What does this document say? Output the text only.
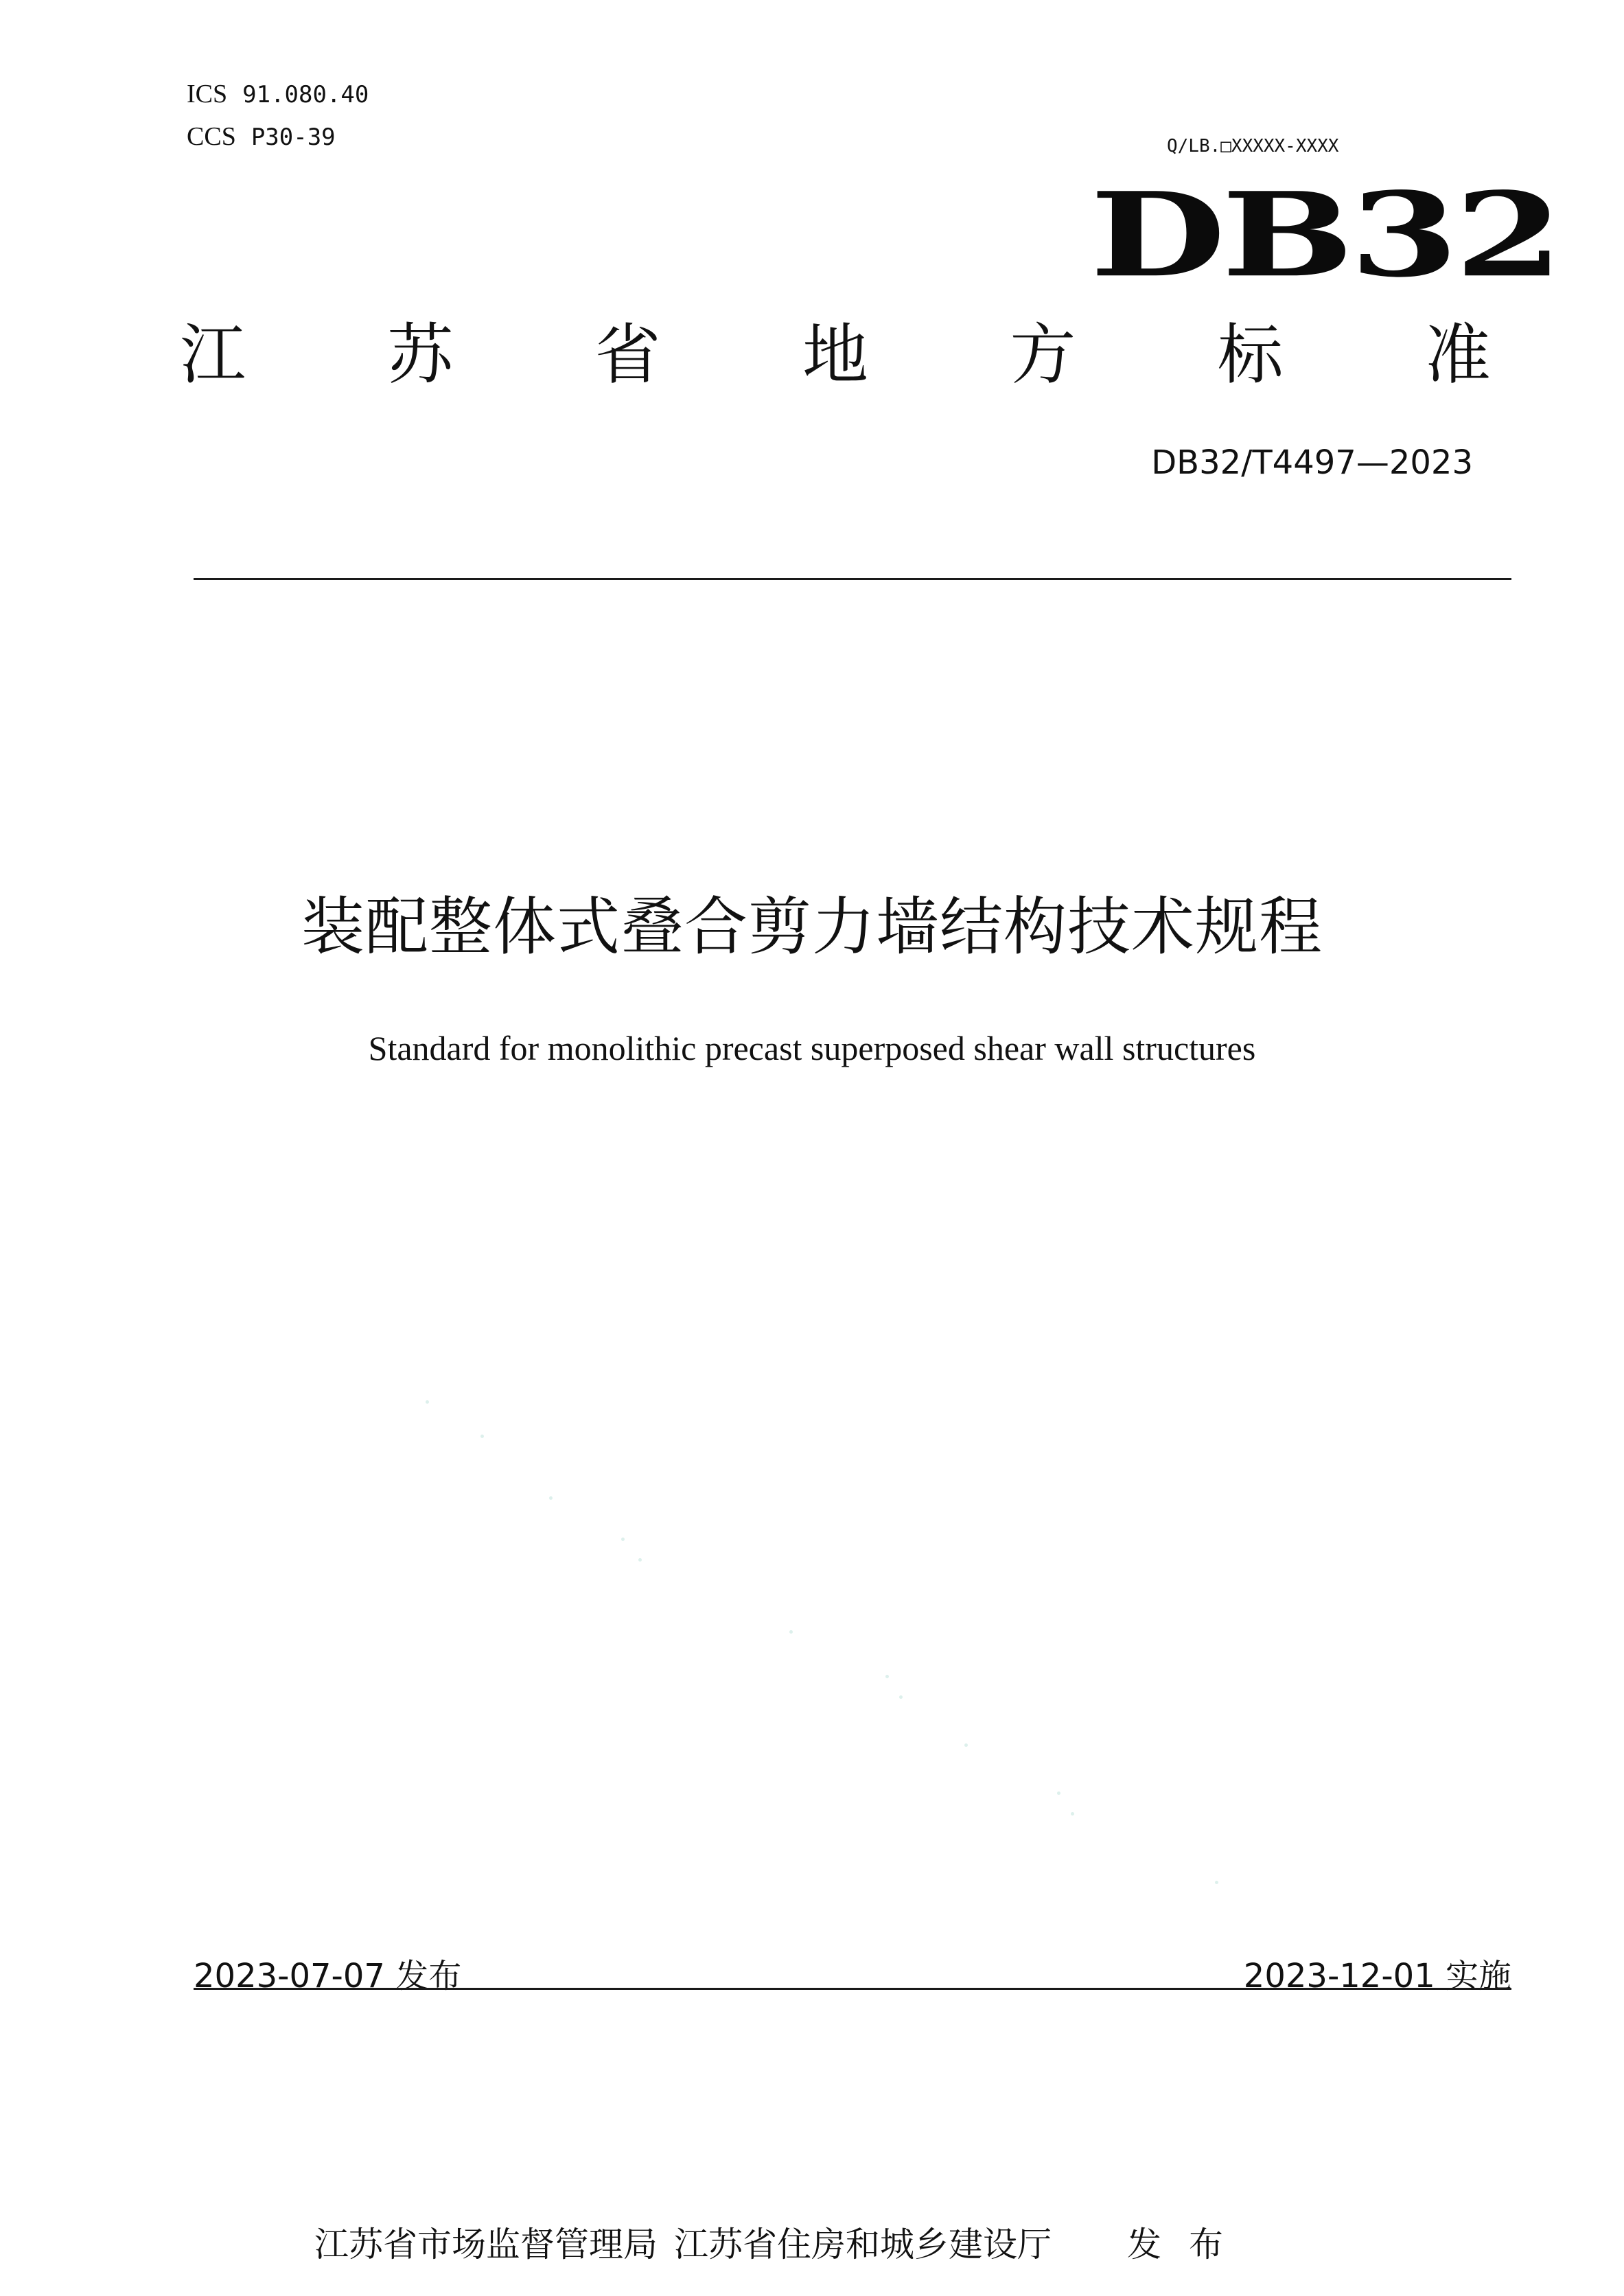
ICS 91.080.40
CCS P30-39	Q/LB.□XXXXX-XXXX
DB32
江 苏 省 地 方 标 准
DB32/T4497—2023
装配整体式叠合剪力墙结构技术规程
Standard for monolithic precast superposed shear wall structures
2023-07-07 发布	2023-12-01 实施
江苏省市场监督管理局 江苏省住房和城乡建设厅 发布
